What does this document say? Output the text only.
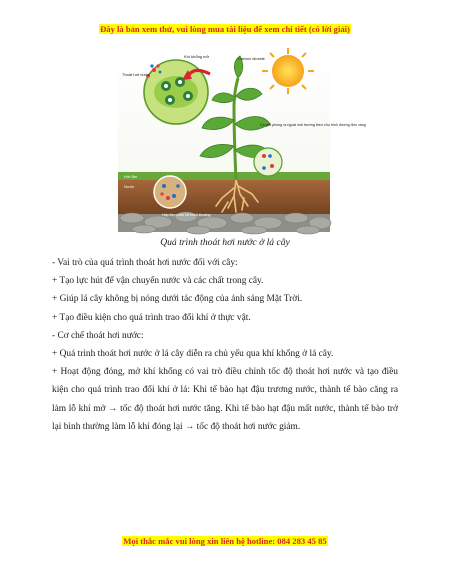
Đây là bản xem thử, vui lòng mua tài liệu để xem chi tiết (có lời giải)
Thoát hơi nước
Khí khổng mở	Carbon dioxide
Có giải phóng ra ngoài môi trường theo chu trình đường đơn vàng
Hơi ẩm
Nước
Hấp thụ nước và muối khoáng
Quá trình thoát hơi nước ở lá cây

- Vai trò của quá trình thoát hơi nước đối với cây:

+ Tạo lực hút để vận chuyển nước và các chất trong cây.

+ Giúp lá cây không bị nóng dưới tác động của ánh sáng Mặt Trời.

+ Tạo điều kiện cho quá trình trao đổi khí ở thực vật.

- Cơ chế thoát hơi nước:

+ Quá trình thoát hơi nước ở lá cây diễn ra chủ yếu qua khí khổng ở lá cây.

+ Hoạt động đóng, mở khí khổng có vai trò điều chỉnh tốc độ thoát hơi nước và tạo điều kiện cho quá trình trao đổi khí ở lá: Khi tế bào hạt đậu trương nước, thành tế bào căng ra làm lỗ khí mở → tốc độ thoát hơi nước tăng. Khi tế bào hạt đậu mất nước, thành tế bào trở lại bình thường làm lỗ khí đóng lại → tốc độ thoát hơi nước giảm.

Mọi thắc mắc vui lòng xin liên hệ hotline: 084 283 45 85
